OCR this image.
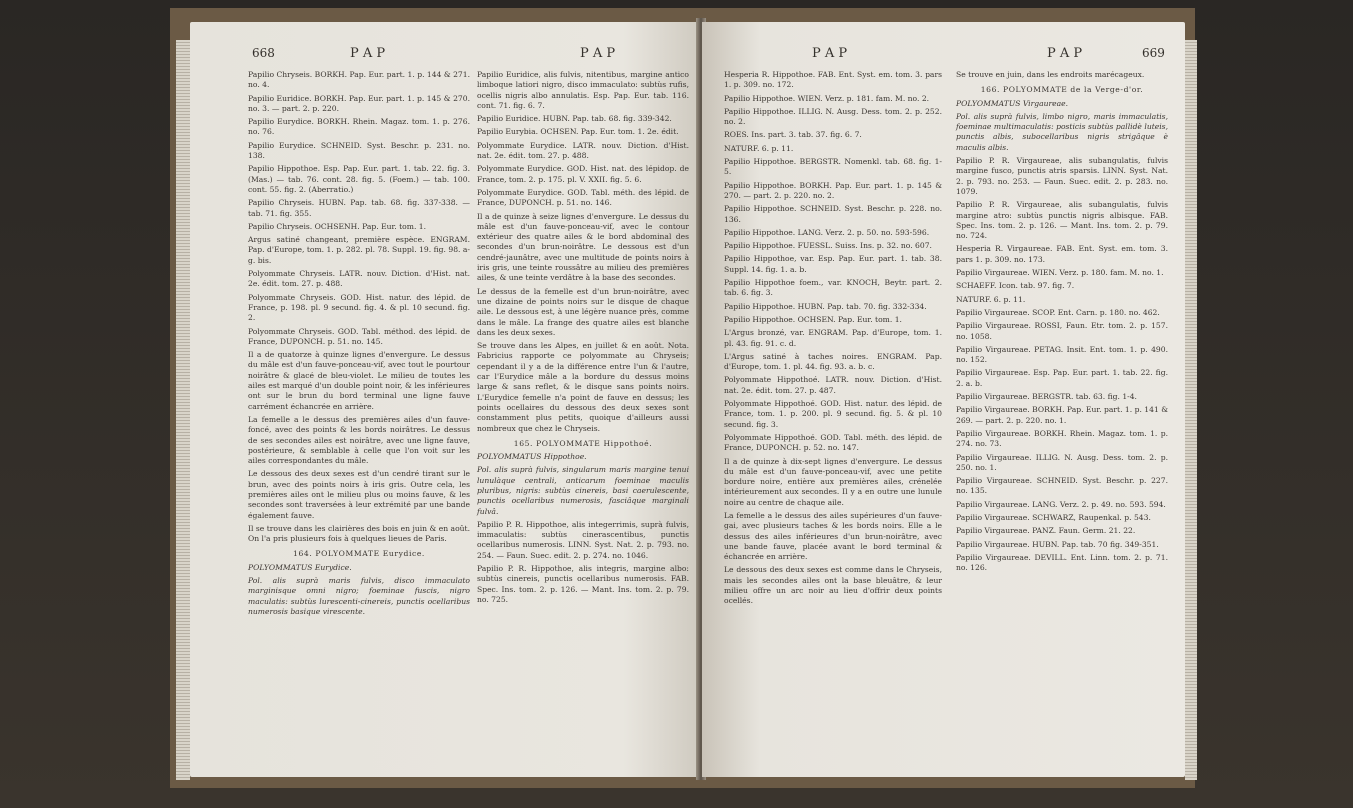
668	P A P	P A P

Papilio Chryseis. BORKH. Pap. Eur. part. 1. p. 144 & 271. no. 4.

Papilio Euridice. BORKH. Pap. Eur. part. 1. p. 145 & 270. no. 3. — part. 2. p. 220.

Papilio Eurydice. BORKH. Rhein. Magaz. tom. 1. p. 276. no. 76.

Papilio Eurydice. SCHNEID. Syst. Beschr. p. 231. no. 138.

Papilio Hippothoe. Esp. Pap. Eur. part. 1. tab. 22. fig. 3. (Mas.) — tab. 76. cont. 28. fig. 5. (Foem.) — tab. 100. cont. 55. fig. 2. (Aberratio.)

Papilio Chryseis. HUBN. Pap. tab. 68. fig. 337-338. — tab. 71. fig. 355.

Papilio Chryseis. OCHSENH. Pap. Eur. tom. 1.

Argus satiné changeant, première espèce. ENGRAM. Pap. d'Europe, tom. 1. p. 282. pl. 78. Suppl. 19. fig. 98. a-g. bis.

Polyommate Chryseis. LATR. nouv. Diction. d'Hist. nat. 2e. édit. tom. 27. p. 488.

Polyommate Chryseis. GOD. Hist. natur. des lépid. de France, p. 198. pl. 9 secund. fig. 4. & pl. 10 secund. fig. 2.

Polyommate Chryseis. GOD. Tabl. méthod. des lépid. de France, DUPONCH. p. 51. no. 145.

Il a de quatorze à quinze lignes d'envergure. Le dessus du mâle est d'un fauve-ponceau-vif, avec tout le pourtour noirâtre & glacé de bleu-violet. Le milieu de toutes les ailes est marqué d'un double point noir, & les inférieures ont sur le brun du bord terminal une ligne fauve carrément échancrée en arrière.

La femelle a le dessus des premières ailes d'un fauve-foncé, avec des points & les bords noirâtres. Le dessus de ses secondes ailes est noirâtre, avec une ligne fauve, postérieure, & semblable à celle que l'on voit sur les ailes correspondantes du mâle.

Le dessous des deux sexes est d'un cendré tirant sur le brun, avec des points noirs à iris gris. Outre cela, les premières ailes ont le milieu plus ou moins fauve, & les secondes sont traversées à leur extrémité par une bande également fauve.

Il se trouve dans les clairières des bois en juin & en août. On l'a pris plusieurs fois à quelques lieues de Paris.

164. POLYOMMATE Eurydice.

POLYOMMATUS Eurydice.

Pol. alis suprà maris fulvis, disco immaculato marginisque omni nigro; foeminae fuscis, nigro maculatis: subtùs lurescenti-cinereis, punctis ocellaribus numerosis basique virescente.

Papilio Euridice, alis fulvis, nitentibus, margine antico limboque latiori nigro, disco immaculato: subtùs rufis, ocellis nigris albo annulatis. Esp. Pap. Eur. tab. 116. cont. 71. fig. 6. 7.

Papilio Euridice. HUBN. Pap. tab. 68. fig. 339-342.

Papilio Eurybia. OCHSEN. Pap. Eur. tom. 1. 2e. édit.

Polyommate Eurydice. LATR. nouv. Diction. d'Hist. nat. 2e. édit. tom. 27. p. 488.

Polyommate Eurydice. GOD. Hist. nat. des lépidop. de France, tom. 2. p. 175. pl. V. XXII. fig. 5. 6.

Polyommate Eurydice. GOD. Tabl. méth. des lépid. de France, DUPONCH. p. 51. no. 146.

Il a de quinze à seize lignes d'envergure. Le dessus du mâle est d'un fauve-ponceau-vif, avec le contour extérieur des quatre ailes & le bord abdominal des secondes d'un brun-noirâtre. Le dessous est d'un cendré-jaunâtre, avec une multitude de points noirs à iris gris, une teinte roussâtre au milieu des premières ailes, & une teinte verdâtre à la base des secondes.

Le dessus de la femelle est d'un brun-noirâtre, avec une dizaine de points noirs sur le disque de chaque aile. Le dessous est, à une légère nuance près, comme dans le mâle. La frange des quatre ailes est blanche dans les deux sexes.

Se trouve dans les Alpes, en juillet & en août. Nota. Fabricius rapporte ce polyommate au Chryseis; cependant il y a de la différence entre l'un & l'autre, car l'Eurydice mâle a la bordure du dessus moins large & sans reflet, & le disque sans points noirs. L'Eurydice femelle n'a point de fauve en dessus; les points ocellaires du dessous des deux sexes sont constamment plus petits, quoique d'ailleurs aussi nombreux que chez le Chryseis.

165. POLYOMMATE Hippothoé.

POLYOMMATUS Hippothoe.

Pol. alis suprà fulvis, singularum maris margine tenui lunulàque centrali, anticarum foeminae maculis pluribus, nigris: subtùs cinereis, basi caerulescente, punctis ocellaribus numerosis, fasciâque marginali fulvâ.

Papilio P. R. Hippothoe, alis integerrimis, suprà fulvis, immaculatis: subtùs cinerascentibus, punctis ocellaribus numerosis. LINN. Syst. Nat. 2. p. 793. no. 254. — Faun. Suec. edit. 2. p. 274. no. 1046.

Papilio P. R. Hippothoe, alis integris, margine albo: subtùs cinereis, punctis ocellaribus numerosis. FAB. Spec. Ins. tom. 2. p. 126. — Mant. Ins. tom. 2. p. 79. no. 725.

P A P	P A P	669

Hesperia R. Hippothoe. FAB. Ent. Syst. em. tom. 3. pars 1. p. 309. no. 172.

Papilio Hippothoe. WIEN. Verz. p. 181. fam. M. no. 2.

Papilio Hippothoe. ILLIG. N. Ausg. Dess. tom. 2. p. 252. no. 2.

ROES. Ins. part. 3. tab. 37. fig. 6. 7.

NATURF. 6. p. 11.

Papilio Hippothoe. BERGSTR. Nomenkl. tab. 68. fig. 1-5.

Papilio Hippothoe. BORKH. Pap. Eur. part. 1. p. 145 & 270. — part. 2. p. 220. no. 2.

Papilio Hippothoe. SCHNEID. Syst. Beschr. p. 228. no. 136.

Papilio Hippothoe. LANG. Verz. 2. p. 50. no. 593-596.

Papilio Hippothoe. FUESSL. Suiss. Ins. p. 32. no. 607.

Papilio Hippothoe, var. Esp. Pap. Eur. part. 1. tab. 38. Suppl. 14. fig. 1. a. b.

Papilio Hippothoe foem., var. KNOCH, Beytr. part. 2. tab. 6. fig. 3.

Papilio Hippothoe. HUBN. Pap. tab. 70. fig. 332-334.

Papilio Hippothoe. OCHSEN. Pap. Eur. tom. 1.

L'Argus bronzé, var. ENGRAM. Pap. d'Europe, tom. 1. pl. 43. fig. 91. c. d.

L'Argus satiné à taches noires. ENGRAM. Pap. d'Europe, tom. 1. pl. 44. fig. 93. a. b. c.

Polyommate Hippothoé. LATR. nouv. Diction. d'Hist. nat. 2e. édit. tom. 27. p. 487.

Polyommate Hippothoé. GOD. Hist. natur. des lépid. de France, tom. 1. p. 200. pl. 9 secund. fig. 5. & pl. 10 secund. fig. 3.

Polyommate Hippothoé. GOD. Tabl. méth. des lépid. de France, DUPONCH. p. 52. no. 147.

Il a de quinze à dix-sept lignes d'envergure. Le dessus du mâle est d'un fauve-ponceau-vif, avec une petite bordure noire, entière aux premières ailes, crénelée intérieurement aux secondes. Il y a en outre une lunule noire au centre de chaque aile.

La femelle a le dessus des ailes supérieures d'un fauve-gai, avec plusieurs taches & les bords noirs. Elle a le dessus des ailes inférieures d'un brun-noirâtre, avec une bande fauve, placée avant le bord terminal & échancrée en arrière.

Le dessous des deux sexes est comme dans le Chryseis, mais les secondes ailes ont la base bleuâtre, & leur milieu offre un arc noir au lieu d'offrir deux points ocellés.

Se trouve en juin, dans les endroits marécageux.

166. POLYOMMATE de la Verge-d'or.

POLYOMMATUS Virgaureae.

Pol. alis suprà fulvis, limbo nigro, maris immaculatis, foeminae multimaculatis: posticis subtùs pallidè luteis, punctis albis, subocellaribus nigris strigâque è maculis albis.

Papilio P. R. Virgaureae, alis subangulatis, fulvis margine fusco, punctis atris sparsis. LINN. Syst. Nat. 2. p. 793. no. 253. — Faun. Suec. edit. 2. p. 283. no. 1079.

Papilio P. R. Virgaureae, alis subangulatis, fulvis margine atro: subtùs punctis nigris albisque. FAB. Spec. Ins. tom. 2. p. 126. — Mant. Ins. tom. 2. p. 79. no. 724.

Hesperia R. Virgaureae. FAB. Ent. Syst. em. tom. 3. pars 1. p. 309. no. 173.

Papilio Virgaureae. WIEN. Verz. p. 180. fam. M. no. 1.

SCHAEFF. Icon. tab. 97. fig. 7.

NATURF. 6. p. 11.

Papilio Virgaureae. SCOP. Ent. Carn. p. 180. no. 462.

Papilio Virgaureae. ROSSI, Faun. Etr. tom. 2. p. 157. no. 1058.

Papilio Virgaureae. PETAG. Insit. Ent. tom. 1. p. 490. no. 152.

Papilio Virgaureae. Esp. Pap. Eur. part. 1. tab. 22. fig. 2. a. b.

Papilio Virgaureae. BERGSTR. tab. 63. fig. 1-4.

Papilio Virgaureae. BORKH. Pap. Eur. part. 1. p. 141 & 269. — part. 2. p. 220. no. 1.

Papilio Virgaureae. BORKH. Rhein. Magaz. tom. 1. p. 274. no. 73.

Papilio Virgaureae. ILLIG. N. Ausg. Dess. tom. 2. p. 250. no. 1.

Papilio Virgaureae. SCHNEID. Syst. Beschr. p. 227. no. 135.

Papilio Virgaureae. LANG. Verz. 2. p. 49. no. 593. 594.

Papilio Virgaureae. SCHWARZ, Raupenkal. p. 543.

Papilio Virgaureae. PANZ. Faun. Germ. 21. 22.

Papilio Virgaureae. HUBN. Pap. tab. 70 fig. 349-351.

Papilio Virgaureae. DEVILL. Ent. Linn. tom. 2. p. 71. no. 126.
